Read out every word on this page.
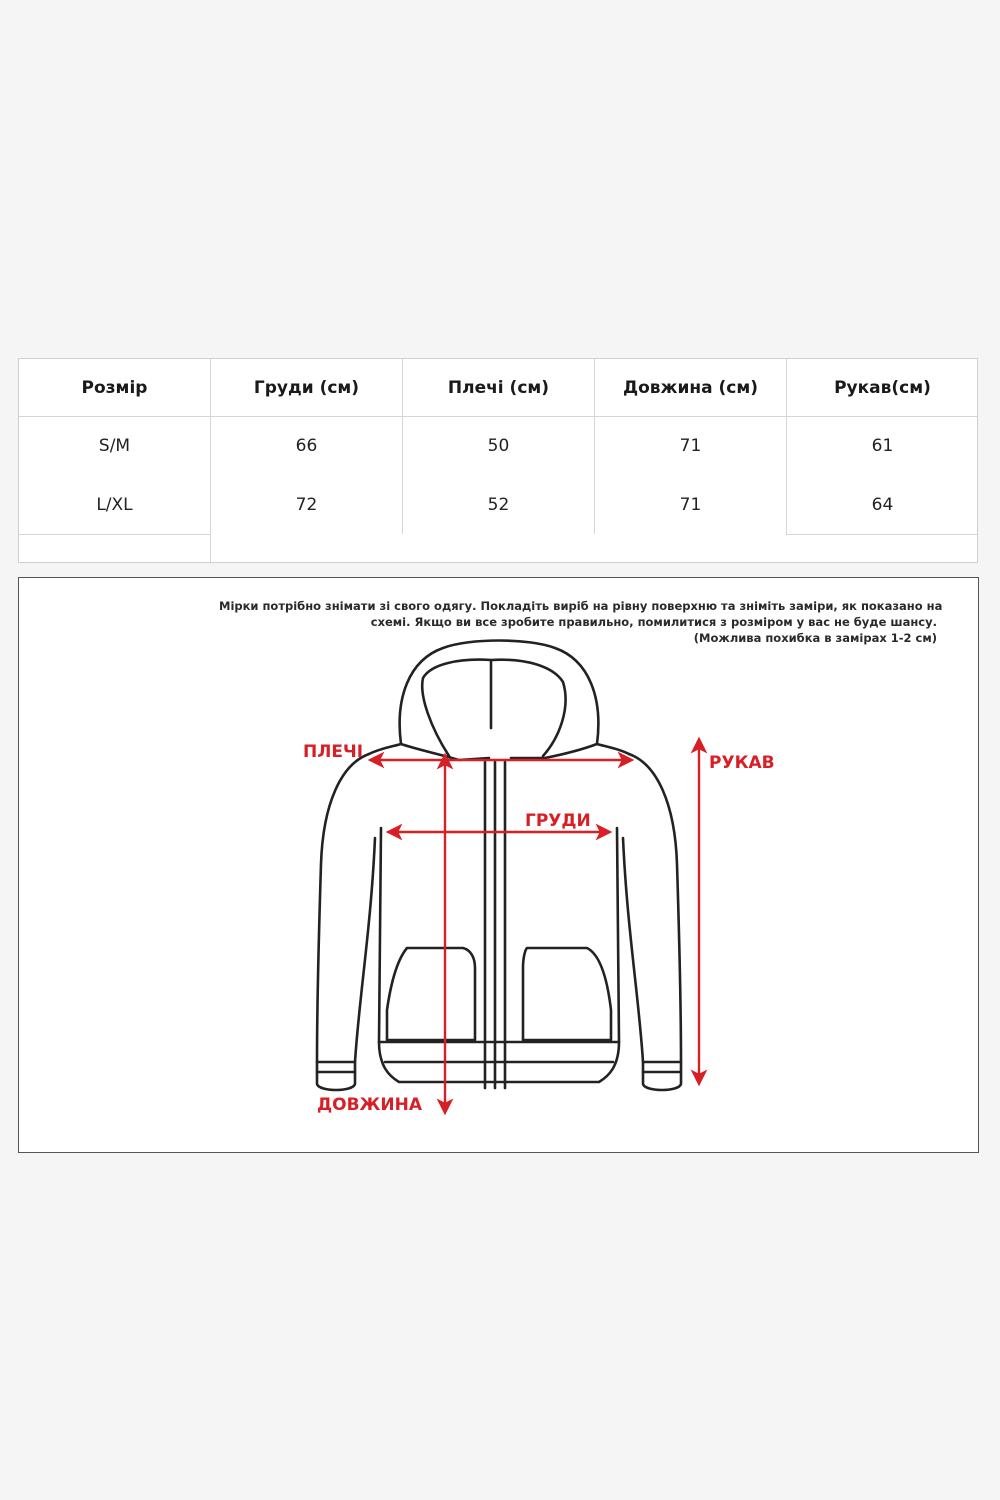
Розмір	Груди (см)	Плечі (см)	Довжина (см)	Рукав(см)
S/M	66	50	71	61
L/XL	72	52	71	64
Мірки потрібно знімати зі свого одягу. Покладіть виріб на рівну поверхню та зніміть заміри, як показано на
схемі. Якщо ви все зробите правильно, помилитися з розміром у вас не буде шансу.
(Можлива похибка в замірах 1-2 см)
ПЛЕЧІ
ГРУДИ
РУКАВ
ДОВЖИНА
